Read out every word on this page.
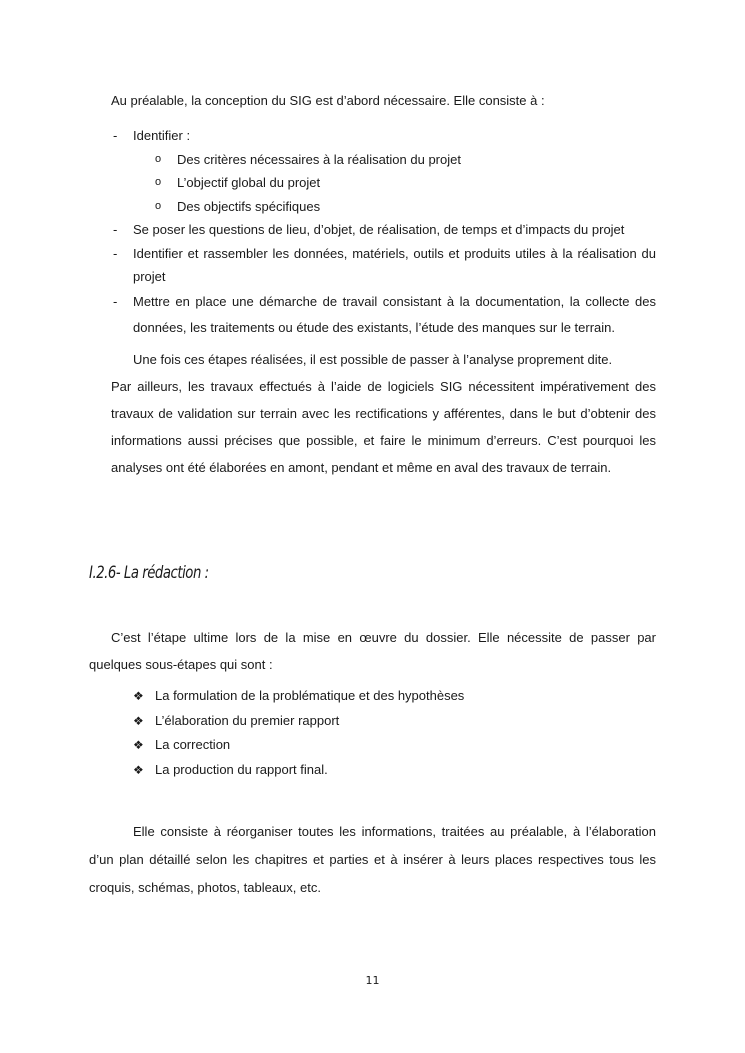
Au préalable, la conception du SIG est d’abord nécessaire. Elle consiste à :

- Identifier :
o Des critères nécessaires à la réalisation du projet
o L’objectif global du projet
o Des objectifs spécifiques
- Se poser les questions de lieu, d’objet, de réalisation, de temps et d’impacts du projet
- Identifier et rassembler les données, matériels, outils et produits utiles à la réalisation du projet
- Mettre en place une démarche de travail consistant à la documentation, la collecte des données, les traitements ou étude des existants, l’étude des manques sur le terrain.

Une fois ces étapes réalisées, il est possible de passer à l’analyse proprement dite.
Par ailleurs, les travaux effectués à l’aide de logiciels SIG nécessitent impérativement des travaux de validation sur terrain avec les rectifications y afférentes, dans le but d’obtenir des informations aussi précises que possible, et faire le minimum d’erreurs. C’est pourquoi les analyses ont été élaborées en amont, pendant et même en aval des travaux de terrain.

I.2.6- La rédaction :

C’est l’étape ultime lors de la mise en œuvre du dossier. Elle nécessite de passer par quelques sous-étapes qui sont :

❖ La formulation de la problématique et des hypothèses
❖ L’élaboration du premier rapport
❖ La correction
❖ La production du rapport final.

Elle consiste à réorganiser toutes les informations, traitées au préalable, à l’élaboration d’un plan détaillé selon les chapitres et parties et à insérer à leurs places respectives tous les croquis, schémas, photos, tableaux, etc.

11
